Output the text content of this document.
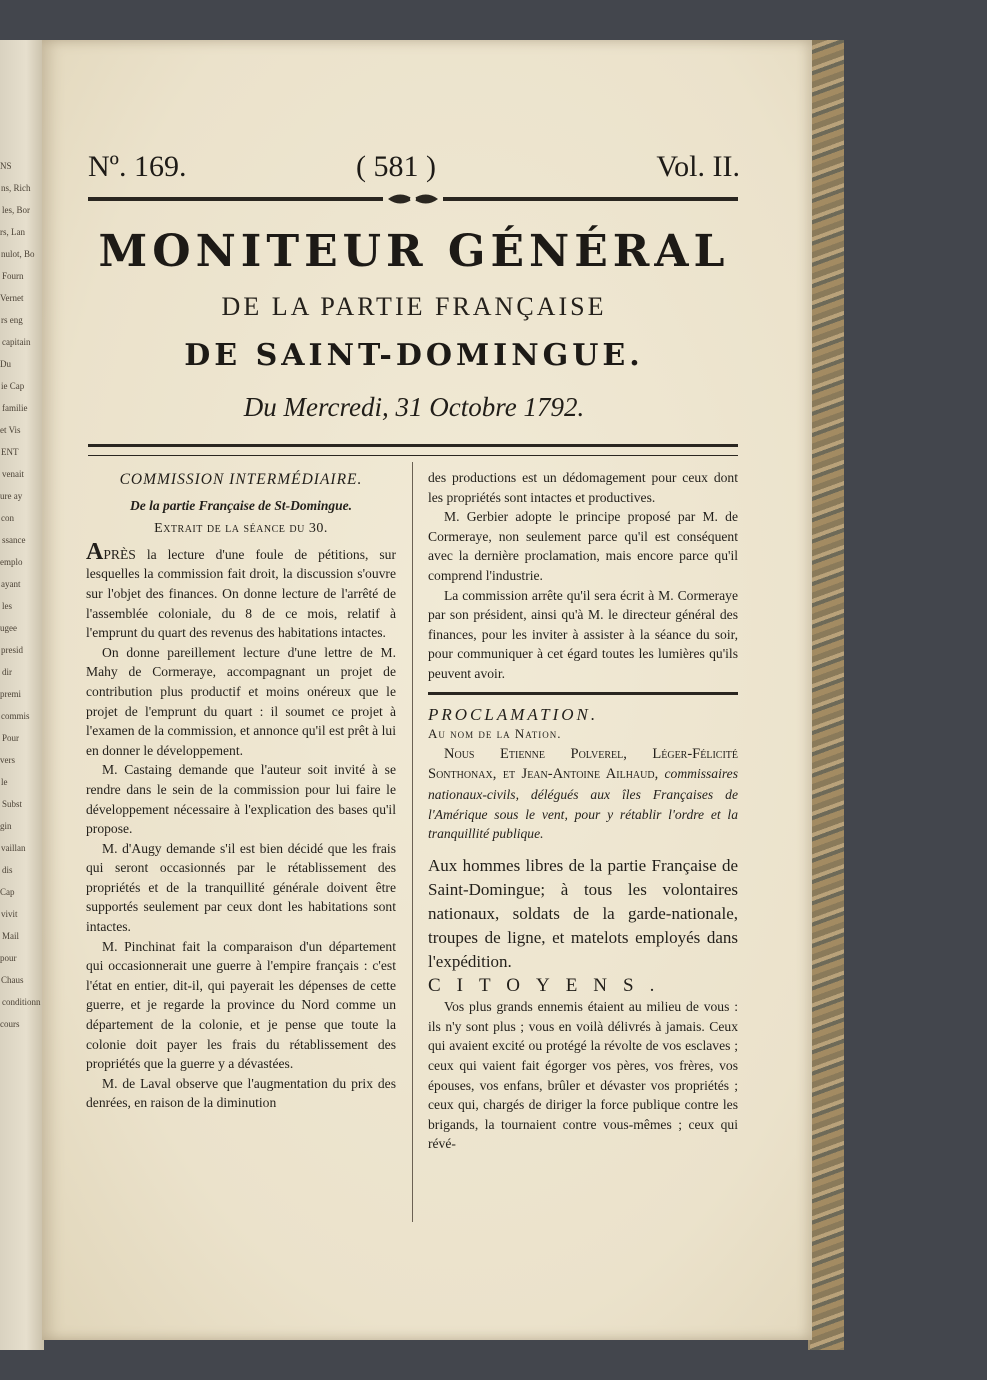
NS
ns, Rich
les, Bor
rs, Lan
nulot, Bo
Fourn
Vernet
rs eng
capitain
Du
ie Cap
familie
et Vis
ENT
venait
ure ay
con
ssance
emplo
ayant
les
ugee
presid
dir
premi
commis
Pour
vers
le
Subst
gin
vaillan
dis
Cap
vivit
Mail
pour
Chaus
conditionn
cours
Nº. 169.	( 581 )	Vol. II.
MONITEUR GÉNÉRAL
DE LA PARTIE FRANÇAISE
DE SAINT-DOMINGUE.
Du Mercredi, 31 Octobre 1792.

COMMISSION INTERMÉDIAIRE.

De la partie Française de St-Domingue.

Extrait de la séance du 30.

APRÈS la lecture d'une foule de pétitions, sur lesquelles la commission fait droit, la discussion s'ouvre sur l'objet des finances. On donne lecture de l'arrêté de l'assemblée coloniale, du 8 de ce mois, relatif à l'emprunt du quart des revenus des habitations intactes.

On donne pareillement lecture d'une lettre de M. Mahy de Cormeraye, accompagnant un projet de contribution plus productif et moins onéreux que le projet de l'emprunt du quart : il soumet ce projet à l'examen de la commission, et annonce qu'il est prêt à lui en donner le développement.

M. Castaing demande que l'auteur soit invité à se rendre dans le sein de la commission pour lui faire le développement nécessaire à l'explication des bases qu'il propose.

M. d'Augy demande s'il est bien décidé que les frais qui seront occasionnés par le rétablissement des propriétés et de la tranquillité générale doivent être supportés seulement par ceux dont les habitations sont intactes.

M. Pinchinat fait la comparaison d'un département qui occasionnerait une guerre à l'empire français : c'est l'état en entier, dit-il, qui payerait les dépenses de cette guerre, et je regarde la province du Nord comme un département de la colonie, et je pense que toute la colonie doit payer les frais du rétablissement des propriétés que la guerre y a dévastées.

M. de Laval observe que l'augmentation du prix des denrées, en raison de la diminution

des productions est un dédomagement pour ceux dont les propriétés sont intactes et productives.

M. Gerbier adopte le principe proposé par M. de Cormeraye, non seulement parce qu'il est conséquent avec la dernière proclamation, mais encore parce qu'il comprend l'industrie.

La commission arrête qu'il sera écrit à M. Cormeraye par son président, ainsi qu'à M. le directeur général des finances, pour les inviter à assister à la séance du soir, pour communiquer à cet égard toutes les lumières qu'ils peuvent avoir.

PROCLAMATION.

Au nom de la Nation.

Nous Etienne Polverel, Léger-Félicité Sonthonax, et Jean-Antoine Ailhaud, commissaires nationaux-civils, délégués aux îles Françaises de l'Amérique sous le vent, pour y rétablir l'ordre et la tranquillité publique.

Aux hommes libres de la partie Française de Saint-Domingue; à tous les volontaires nationaux, soldats de la garde-nationale, troupes de ligne, et matelots employés dans l'expédition.

CITOYENS.

Vos plus grands ennemis étaient au milieu de vous : ils n'y sont plus ; vous en voilà délivrés à jamais. Ceux qui avaient excité ou protégé la révolte de vos esclaves ; ceux qui vaient fait égorger vos pères, vos frères, vos épouses, vos enfans, brûler et dévaster vos propriétés ; ceux qui, chargés de diriger la force publique contre les brigands, la tournaient contre vous-mêmes ; ceux qui révé-
